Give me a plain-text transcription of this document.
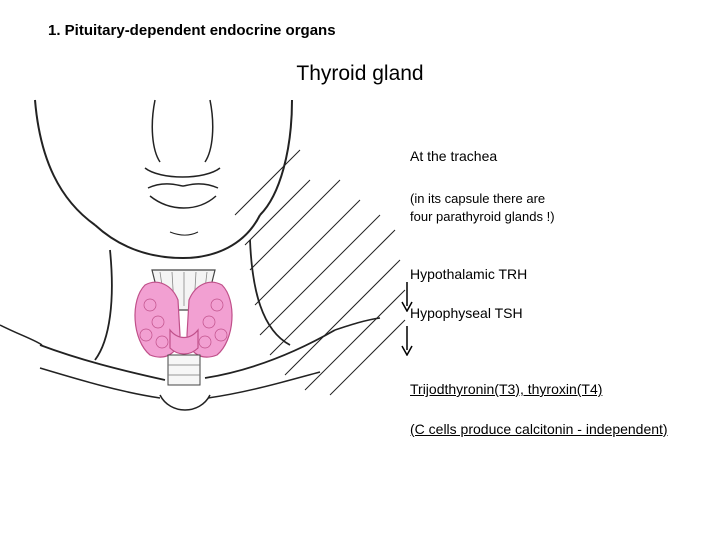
1. Pituitary-dependent endocrine organs
Thyroid gland
At the trachea
(in its capsule there are
four parathyroid glands !)
Hypothalamic TRH
Hypophyseal TSH
Trijodthyronin(T3), thyroxin(T4)
(C cells produce calcitonin - independent)
